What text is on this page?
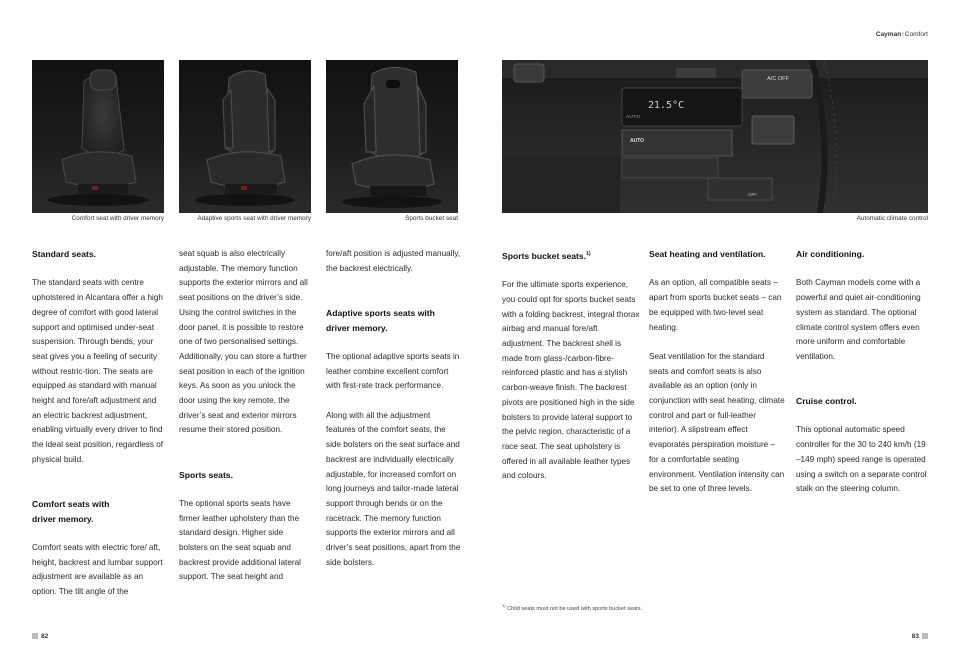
Cayman|Comfort
Comfort seat with driver memory	Adaptive sports seat with driver memory	Sports bucket seat
A/C OFF
21.5°C
AUTO
AUTO
OFF
Automatic climate control
Standard seats.

The standard seats with centre upholstered in Alcantara offer a high degree of comfort with good lateral support and optimised under-seat suspension. Through bends, your seat gives you a feeling of security without restric-tion. The seats are equipped as standard with manual height and fore/aft adjustment and an electric backrest adjustment, enabling virtually every driver to find the ideal seat position, regardless of physical build.

Comfort seats with
driver memory.

Comfort seats with electric fore/ aft, height, backrest and lumbar support adjustment are available as an option. The tilt angle of the

seat squab is also electrically adjustable. The memory function supports the exterior mirrors and all seat positions on the driver’s side. Using the control switches in the door panel, it is possible to restore one of two personalised settings. Additionally, you can store a further seat position in each of the ignition keys. As soon as you unlock the door using the key remote, the driver’s seat and exterior mirrors resume their stored position.

Sports seats.

The optional sports seats have firmer leather upholstery than the standard design. Higher side bolsters on the seat squab and backrest provide additional lateral support. The seat height and

fore/aft position is adjusted manually, the backrest electrically.

Adaptive sports seats with
driver memory.

The optional adaptive sports seats in leather combine excellent comfort with first-rate track performance.

Along with all the adjustment features of the comfort seats, the side bolsters on the seat surface and backrest are individually electrically adjustable, for increased comfort on long journeys and tailor-made lateral support through bends or on the racetrack. The memory function supports the exterior mirrors and all driver’s seat positions, apart from the side bolsters.

Sports bucket seats.$^{1)}$

For the ultimate sports experience, you could opt for sports bucket seats with a folding backrest, integral thorax airbag and manual fore/aft adjustment. The backrest shell is made from glass-/carbon-fibre-reinforced plastic and has a stylish carbon-weave finish. The backrest pivots are positioned high in the side bolsters to provide lateral support to the pelvic region, characteristic of a race seat. The seat upholstery is offered in all available leather types and colours.

Seat heating and ventilation.

As an option, all compatible seats – apart from sports bucket seats – can be equipped with two-level seat heating.

Seat ventilation for the standard seats and comfort seats is also available as an option (only in conjunction with seat heating, climate control and part or full-leather interior). A slipstream effect evaporates perspiration moisture – for a comfortable seating environment. Ventilation intensity can be set to one of three levels.

Air conditioning.

Both Cayman models come with a powerful and quiet air-conditioning system as standard. The optional climate control system offers even more uniform and comfortable ventilation.

Cruise control.

This optional automatic speed controller for the 30 to 240 km/h (19 –149 mph) speed range is operated using a switch on a separate control stalk on the steering column.

$^{1)}$ Child seats must not be used with sports bucket seats.
82	83
